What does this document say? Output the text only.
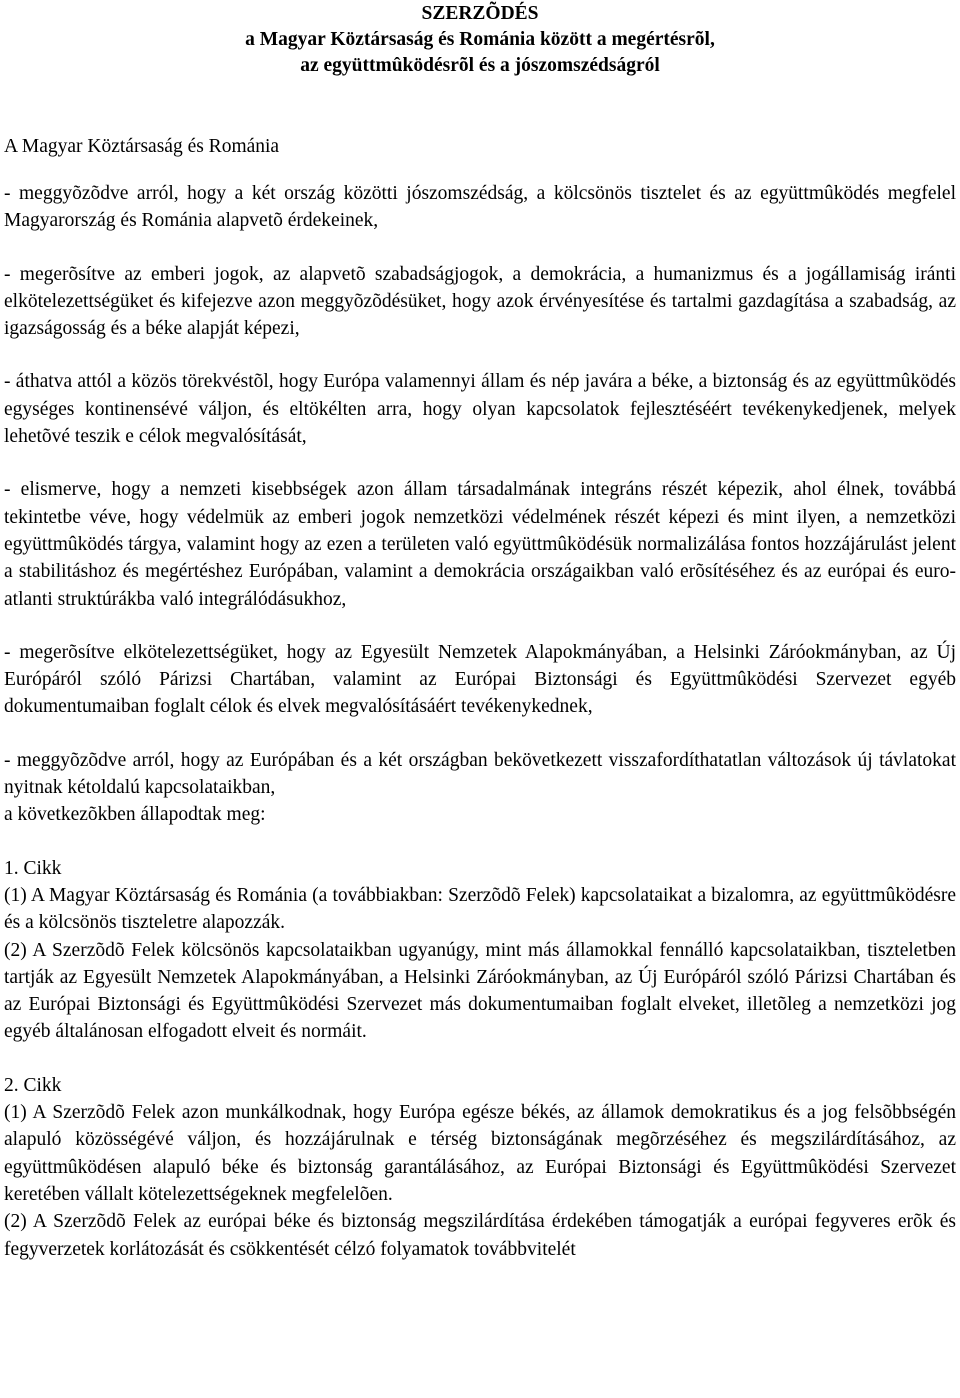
SZERZÕDÉS
a Magyar Köztársaság és Románia között a megértésrõl,
az együttmûködésrõl és a jószomszédságról
A Magyar Köztársaság és Románia

- meggyõzõdve arról, hogy a két ország közötti jószomszédság, a kölcsönös tisztelet és az együttmûködés megfelel Magyarország és Románia alapvetõ érdekeinek,

- megerõsítve az emberi jogok, az alapvetõ szabadságjogok, a demokrácia, a humanizmus és a jogállamiság iránti elkötelezettségüket és kifejezve azon meggyõzõdésüket, hogy azok érvényesítése és tartalmi gazdagítása a szabadság, az igazságosság és a béke alapját képezi,

- áthatva attól a közös törekvéstõl, hogy Európa valamennyi állam és nép javára a béke, a biztonság és az együttmûködés egységes kontinensévé váljon, és eltökélten arra, hogy olyan kapcsolatok fejlesztéséért tevékenykedjenek, melyek lehetõvé teszik e célok megvalósítását,

- elismerve, hogy a nemzeti kisebbségek azon állam társadalmának integráns részét képezik, ahol élnek, továbbá tekintetbe véve, hogy védelmük az emberi jogok nemzetközi védelmének részét képezi és mint ilyen, a nemzetközi együttmûködés tárgya, valamint hogy az ezen a területen való együttmûködésük normalizálása fontos hozzájárulást jelent a stabilitáshoz és megértéshez Európában, valamint a demokrácia országaikban való erõsítéséhez és az európai és euro-atlanti struktúrákba való integrálódásukhoz,

- megerõsítve elkötelezettségüket, hogy az Egyesült Nemzetek Alapokmányában, a Helsinki Záróokmányban, az Új Európáról szóló Párizsi Chartában, valamint az Európai Biztonsági és Együttmûködési Szervezet egyéb dokumentumaiban foglalt célok és elvek megvalósításáért tevékenykednek,

- meggyõzõdve arról, hogy az Európában és a két országban bekövetkezett visszafordíthatatlan változások új távlatokat nyitnak kétoldalú kapcsolataikban,

a következõkben állapodtak meg:

1. Cikk

(1) A Magyar Köztársaság és Románia (a továbbiakban: Szerzõdõ Felek) kapcsolataikat a bizalomra, az együttmûködésre és a kölcsönös tiszteletre alapozzák.

(2) A Szerzõdõ Felek kölcsönös kapcsolataikban ugyanúgy, mint más államokkal fennálló kapcsolataikban, tiszteletben tartják az Egyesült Nemzetek Alapokmányában, a Helsinki Záróokmányban, az Új Európáról szóló Párizsi Chartában és az Európai Biztonsági és Együttmûködési Szervezet más dokumentumaiban foglalt elveket, illetõleg a nemzetközi jog egyéb általánosan elfogadott elveit és normáit.

2. Cikk

(1) A Szerzõdõ Felek azon munkálkodnak, hogy Európa egésze békés, az államok demokratikus és a jog felsõbbségén alapuló közösségévé váljon, és hozzájárulnak e térség biztonságának megõrzéséhez és megszilárdításához, az együttmûködésen alapuló béke és biztonság garantálásához, az Európai Biztonsági és Együttmûködési Szervezet keretében vállalt kötelezettségeknek megfelelõen.

(2) A Szerzõdõ Felek az európai béke és biztonság megszilárdítása érdekében támogatják a európai fegyveres erõk és fegyverzetek korlátozását és csökkentését célzó folyamatok továbbvitelét
